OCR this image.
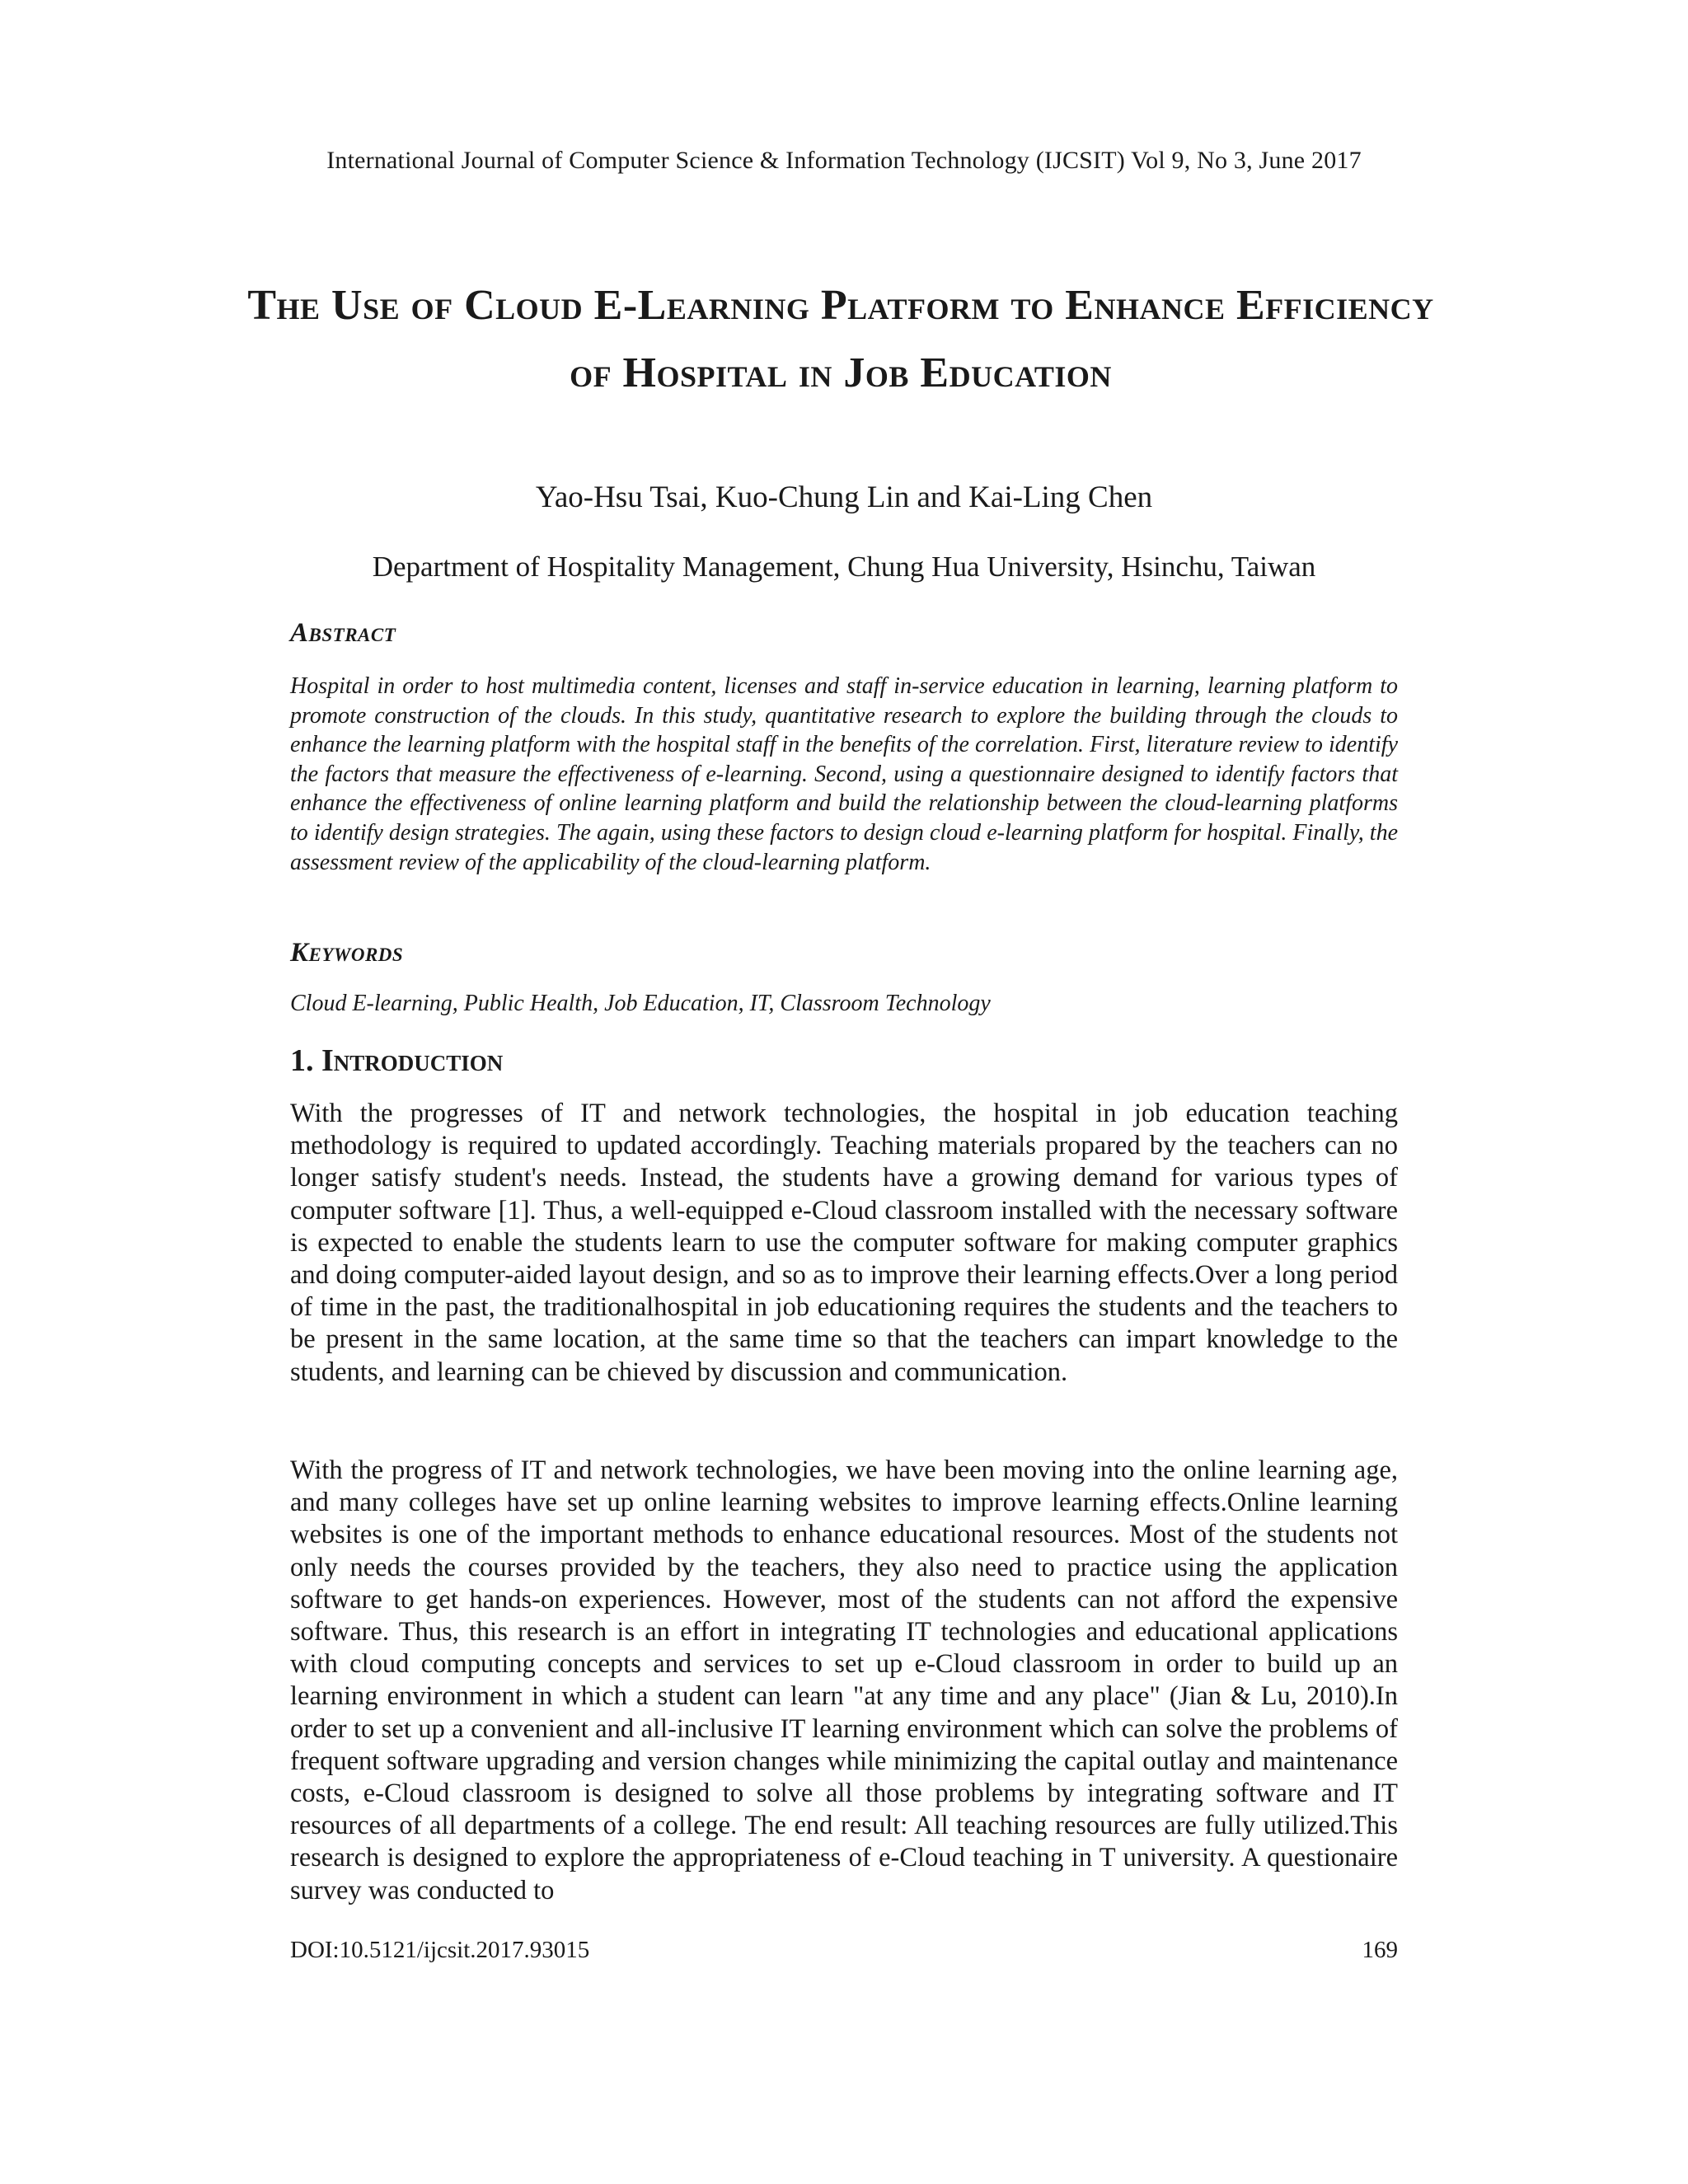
International Journal of Computer Science & Information Technology (IJCSIT) Vol 9, No 3, June 2017
The Use of Cloud E-Learning Platform to Enhance Efficiency of Hospital in Job Education
Yao-Hsu Tsai, Kuo-Chung Lin and Kai-Ling Chen
Department of Hospitality Management, Chung Hua University, Hsinchu, Taiwan
Abstract
Hospital in order to host multimedia content, licenses and staff in-service education in learning, learning platform to promote construction of the clouds. In this study, quantitative research to explore the building through the clouds to enhance the learning platform with the hospital staff in the benefits of the correlation. First, literature review to identify the factors that measure the effectiveness of e-learning. Second, using a questionnaire designed to identify factors that enhance the effectiveness of online learning platform and build the relationship between the cloud-learning platforms to identify design strategies. The again, using these factors to design cloud e-learning platform for hospital. Finally, the assessment review of the applicability of the cloud-learning platform.
Keywords
Cloud E-learning, Public Health, Job Education, IT, Classroom Technology
1. Introduction
With the progresses of IT and network technologies, the hospital in job education teaching methodology is required to updated accordingly. Teaching materials propared by the teachers can no longer satisfy student's needs. Instead, the students have a growing demand for various types of computer software [1]. Thus, a well-equipped e-Cloud classroom installed with the necessary software is expected to enable the students learn to use the computer software for making computer graphics and doing computer-aided layout design, and so as to improve their learning effects.Over a long period of time in the past, the traditionalhospital in job educationing requires the students and the teachers to be present in the same location, at the same time so that the teachers can impart knowledge to the students, and learning can be chieved by discussion and communication.
With the progress of IT and network technologies, we have been moving into the online learning age, and many colleges have set up online learning websites to improve learning effects.Online learning websites is one of the important methods to enhance educational resources. Most of the students not only needs the courses provided by the teachers, they also need to practice using the application software to get hands-on experiences. However, most of the students can not afford the expensive software. Thus, this research is an effort in integrating IT technologies and educational applications with cloud computing concepts and services to set up e-Cloud classroom in order to build up an learning environment in which a student can learn "at any time and any place" (Jian & Lu, 2010).In order to set up a convenient and all-inclusive IT learning environment which can solve the problems of frequent software upgrading and version changes while minimizing the capital outlay and maintenance costs, e-Cloud classroom is designed to solve all those problems by integrating software and IT resources of all departments of a college. The end result: All teaching resources are fully utilized.This research is designed to explore the appropriateness of e-Cloud teaching in T university. A questionaire survey was conducted to
DOI:10.5121/ijcsit.2017.93015	169
